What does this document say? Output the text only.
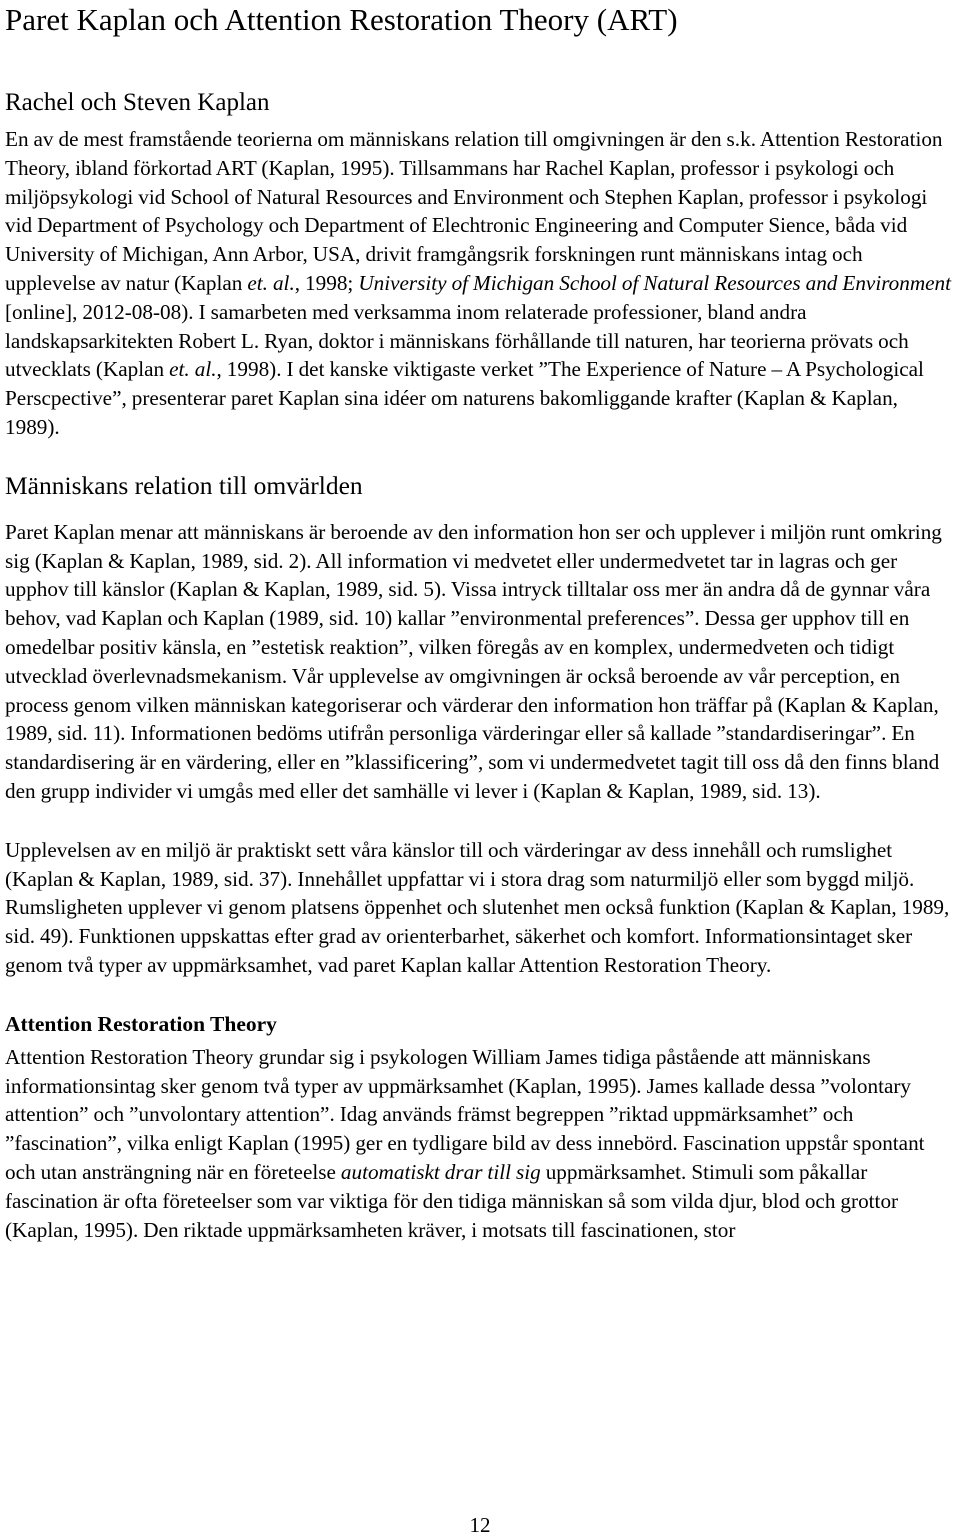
Paret Kaplan och Attention Restoration Theory (ART)
Rachel och Steven Kaplan

En av de mest framstående teorierna om människans relation till omgivningen är den s.k. Attention Restoration Theory, ibland förkortad ART (Kaplan, 1995). Tillsammans har Rachel Kaplan, professor i psykologi och miljöpsykologi vid School of Natural Resources and Environment och Stephen Kaplan, professor i psykologi vid Department of Psychology och Department of Elechtronic Engineering and Computer Sience, båda vid University of Michigan, Ann Arbor, USA, drivit framgångsrik forskningen runt människans intag och upplevelse av natur (Kaplan et. al., 1998; University of Michigan School of Natural Resources and Environment [online], 2012-08-08). I samarbeten med verksamma inom relaterade professioner, bland andra landskapsarkitekten Robert L. Ryan, doktor i människans förhållande till naturen, har teorierna prövats och utvecklats (Kaplan et. al., 1998). I det kanske viktigaste verket ”The Experience of Nature – A Psychological Perscpective”, presenterar paret Kaplan sina idéer om naturens bakomliggande krafter (Kaplan & Kaplan, 1989).

Människans relation till omvärlden

Paret Kaplan menar att människans är beroende av den information hon ser och upplever i miljön runt omkring sig (Kaplan & Kaplan, 1989, sid. 2). All information vi medvetet eller undermedvetet tar in lagras och ger upphov till känslor (Kaplan & Kaplan, 1989, sid. 5). Vissa intryck tilltalar oss mer än andra då de gynnar våra behov, vad Kaplan och Kaplan (1989, sid. 10) kallar ”environmental preferences”. Dessa ger upphov till en omedelbar positiv känsla, en ”estetisk reaktion”, vilken föregås av en komplex, undermedveten och tidigt utvecklad överlevnadsmekanism. Vår upplevelse av omgivningen är också beroende av vår perception, en process genom vilken människan kategoriserar och värderar den information hon träffar på (Kaplan & Kaplan, 1989, sid. 11). Informationen bedöms utifrån personliga värderingar eller så kallade ”standardiseringar”. En standardisering är en värdering, eller en ”klassificering”, som vi undermedvetet tagit till oss då den finns bland den grupp individer vi umgås med eller det samhälle vi lever i (Kaplan & Kaplan, 1989, sid. 13).

Upplevelsen av en miljö är praktiskt sett våra känslor till och värderingar av dess innehåll och rumslighet (Kaplan & Kaplan, 1989, sid. 37). Innehållet uppfattar vi i stora drag som naturmiljö eller som byggd miljö. Rumsligheten upplever vi genom platsens öppenhet och slutenhet men också funktion (Kaplan & Kaplan, 1989, sid. 49). Funktionen uppskattas efter grad av orienterbarhet, säkerhet och komfort. Informationsintaget sker genom två typer av uppmärksamhet, vad paret Kaplan kallar Attention Restoration Theory.

Attention Restoration Theory

Attention Restoration Theory grundar sig i psykologen William James tidiga påstående att människans informationsintag sker genom två typer av uppmärksamhet (Kaplan, 1995). James kallade dessa ”volontary attention” och ”unvolontary attention”. Idag används främst begreppen ”riktad uppmärksamhet” och ”fascination”, vilka enligt Kaplan (1995) ger en tydligare bild av dess innebörd. Fascination uppstår spontant och utan ansträngning när en företeelse automatiskt drar till sig uppmärksamhet. Stimuli som påkallar fascination är ofta företeelser som var viktiga för den tidiga människan så som vilda djur, blod och grottor (Kaplan, 1995). Den riktade uppmärksamheten kräver, i motsats till fascinationen, stor

12
